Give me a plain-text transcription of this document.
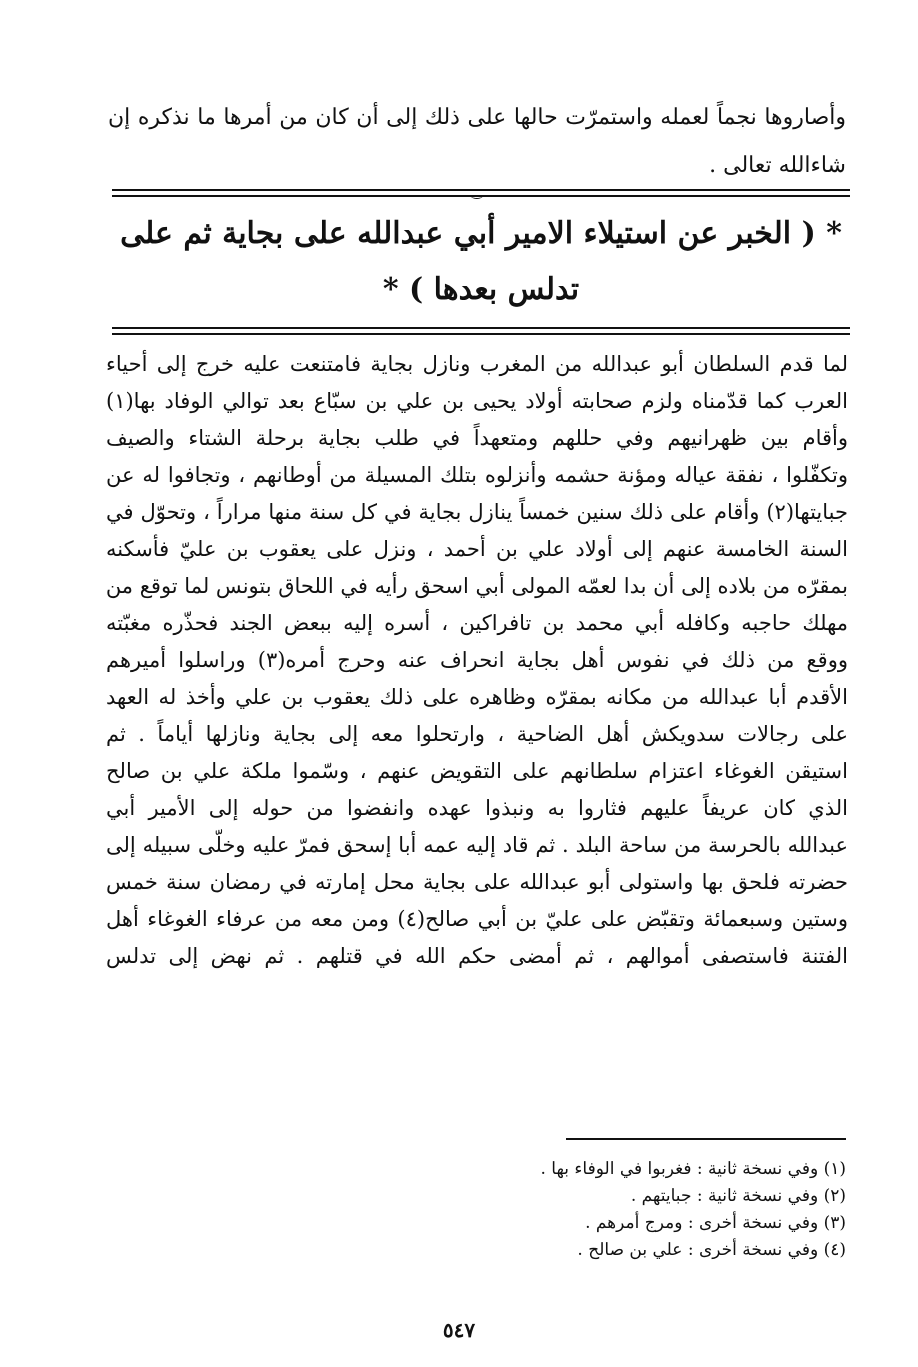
وأصاروها نجماً لعمله واستمرّت حالها على ذلك إلى أن كان من أمرها ما نذكره إن
شاءالله تعالى .
‿
* ( الخبر عن استيلاء الامير أبي عبدالله على بجاية ثم على
تدلس بعدها ) *
لما قدم السلطان أبو عبدالله من المغرب ونازل بجاية فامتنعت عليه خرج إلى أحياء
العرب كما قدّمناه ولزم صحابته أولاد يحيى بن علي بن سبّاع بعد توالي الوفاد بها(١)
وأقام بين ظهرانيهم وفي حللهم ومتعهداً في طلب بجاية برحلة الشتاء والصيف
وتكفّلوا ، نفقة عياله ومؤنة حشمه وأنزلوه بتلك المسيلة من أوطانهم ، وتجافوا له عن
جبايتها(٢) وأقام على ذلك سنين خمساً ينازل بجاية في كل سنة منها مراراً ، وتحوّل في
السنة الخامسة عنهم إلى أولاد علي بن أحمد ، ونزل على يعقوب بن عليّ فأسكنه
بمقرّه من بلاده إلى أن بدا لعمّه المولى أبي اسحق رأيه في اللحاق بتونس لما توقع من
مهلك حاجبه وكافله أبي محمد بن تافراكين ، أسره إليه ببعض الجند فحذّره مغبّته
ووقع من ذلك في نفوس أهل بجاية انحراف عنه وحرج أمره(٣) وراسلوا أميرهم
الأقدم أبا عبدالله من مكانه بمقرّه وظاهره على ذلك يعقوب بن علي وأخذ له العهد
على رجالات سدويكش أهل الضاحية ، وارتحلوا معه إلى بجاية ونازلها أياماً . ثم
استيقن الغوغاء اعتزام سلطانهم على التقويض عنهم ، وسّموا ملكة علي بن صالح
الذي كان عريفاً عليهم فثاروا به ونبذوا عهده وانفضوا من حوله إلى الأمير أبي
عبدالله بالحرسة من ساحة البلد . ثم قاد إليه عمه أبا إسحق فمرّ عليه وخلّى سبيله إلى
حضرته فلحق بها واستولى أبو عبدالله على بجاية محل إمارته في رمضان سنة خمس
وستين وسبعمائة وتقبّض على عليّ بن أبي صالح(٤) ومن معه من عرفاء الغوغاء أهل
الفتنة فاستصفى أموالهم ، ثم أمضى حكم الله في قتلهم . ثم نهض إلى تدلس
(١) وفي نسخة ثانية : فغربوا في الوفاء بها .
(٢) وفي نسخة ثانية : جبايتهم .
(٣) وفي نسخة أخرى : ومرج أمرهم .
(٤) وفي نسخة أخرى : علي بن صالح .
٥٤٧
